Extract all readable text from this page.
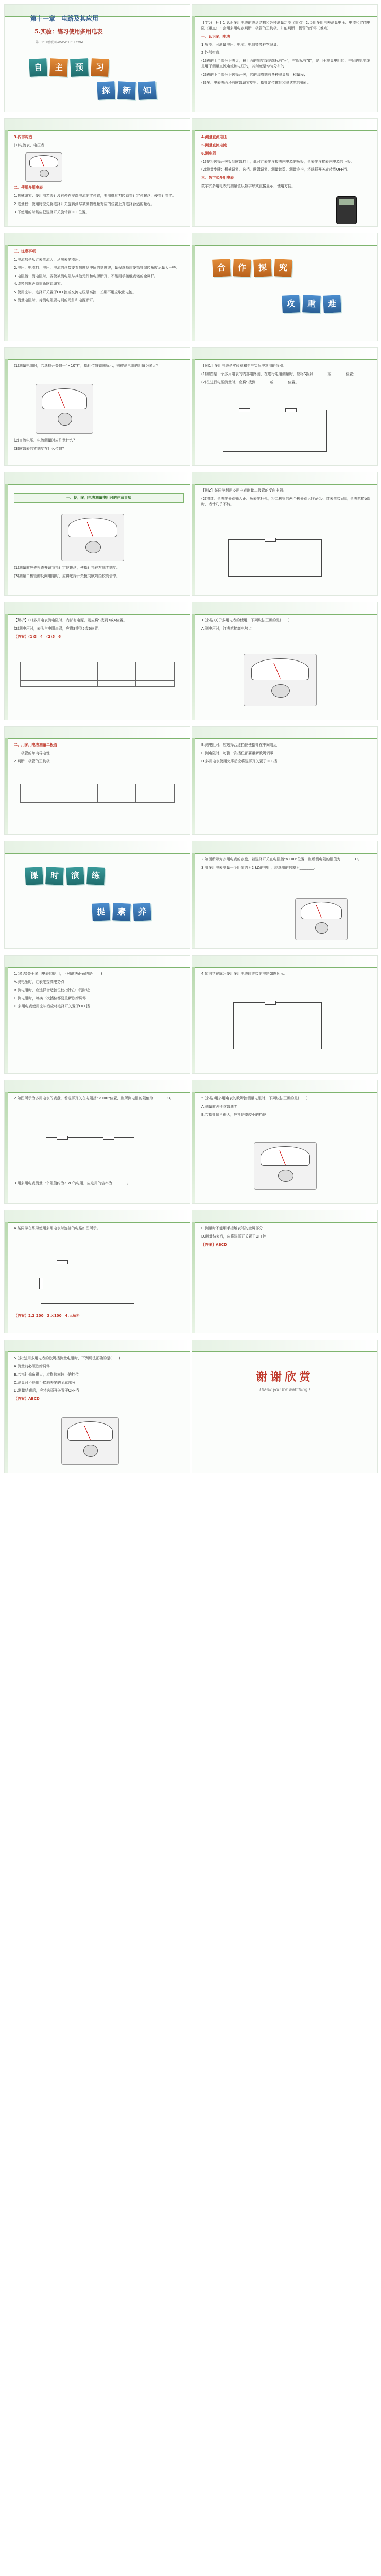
第十一章　电路及其应用
5.实验：练习使用多用电表
第一PPT模板网-WWW.1PPT.COM
自	主	预	习
探	新	知

3.内部构造

(1)电流表、电压表

二、使用多用电表

1.机械调零：使用前若表针没有停在左端电流的零位置，要用螺丝刀转动指针定位螺丝，使指针指零。

2.选量程：使用时应先将选择开关旋转到与被测物理量对应的位置上并选择合适的量程。

3.不使用的时候应把选择开关旋转到OFF位置。

三、注意事项

1.电流都是从红表笔流入，从黑表笔流出。

2.电压、电流挡：电压、电流的读数要看刻度盘中间的刻度线，量程选择应使指针偏转角度尽量大一些。

3.电阻挡：测电阻时，要使被测电阻与其他元件和电源断开，不能用手接触表笔的金属杆。

4.改换倍率必须重新欧姆调零。

5.使用完毕，选择开关置于OFF挡或交流电压最高挡，长期不用应取出电池。

6.测量电阻时，待测电阻要与别的元件和电源断开。

(1)测量电阻时，若选择开关置于"×10"挡，指针位置如图所示，则被测电阻的阻值为多大？

(2)直流电压、电流测量时应注意什么？

(3)欧姆表的零刻度在什么位置？

一、使用多用电表测量电阻时的注意事项

(1)测量前应先检查并调节指针定位螺丝，使指针指在左端零刻度。

(3)测量二极管的反向电阻时，应将选择开关拨向欧姆挡较高倍率。

【解析】(1)多用电表测电阻时，内部有电源，则应将S拨到3或4位置。

(2)测电压时，表头与电阻串联，应将S拨到5或6位置。

【答案】(1)3　4　(2)5　6

二、用多用电表测量二极管

1.二极管的单向导电性

2.判断二极管的正负极

课	时	演	练
提	素	养

1.(多选)关于多用电表的使用，下列说法正确的是(　　)

A.测电压时，红表笔接高电势点

B.测电阻时，应选择合适挡位使指针在中间附近

C.测电阻时，每换一次挡位都要重新欧姆调零

D.多用电表使用完毕后应将选择开关置于OFF挡

2.如图所示为多用电表的表盘，若选择开关在电阻挡"×100"位置，则所测电阻的阻值为________Ω。

3.用多用电表测量一个阻值约为2 kΩ的电阻，应选用的倍率为________。

4.某同学在练习使用多用电表时连接的电路如图所示。

【答案】2.2 200　3.×100　4.见解析

5.(多选)用多用电表的欧姆挡测量电阻时，下列说法正确的是(　　)

A.测量前必须欧姆调零

B.若指针偏角很大，应换倍率较小的挡位

C.测量时不能用手接触表笔的金属部分

D.测量结束后，应将选择开关置于OFF挡

【答案】ABCD

【学习目标】1.认识多用电表的表盘结构和各种测量功能（重点）2.会用多用电表测量电压、电流和定值电阻（重点）3.会用多用电表判断二极管的正负极，并能判断二极管的好坏（难点）

一、认识多用电表

1.功能：可测量电压、电流、电阻等多种物理量。

2.外部构造：

(1)表的上半部分为表盘，最上面的刻度线左端标有"∞"，右端标有"0"，是用于测量电阻的；中间的刻度线是用于测量直流电流和电压的，其刻度是均匀分布的；

(2)表的下半部分为选择开关，它的四周刻有各种测量项目和量程；

(3)多用电表表面还有欧姆调零旋钮、指针定位螺丝和测试笔的插孔。

4.测量直流电压

5.测量直流电流

6.测电阻

(1)要将选择开关扳到欧姆挡上，此时红表笔连接表内电源的负极，黑表笔连接表内电源的正极。

(2)测量步骤：机械调零、选挡、欧姆调零、测量读数、测量完毕，将选择开关旋转到OFF挡。

三、数字式多用电表

数字式多用电表的测量值以数字形式直接显示，使用方便。

合	作	探	究
攻	重	难

【例1】多用电表是实验室和生产实际中常用的仪器。

(1)如图是一个多用电表的内部电路图，在进行电阻测量时，应将S拨到________或________位置；

(2)在进行电压测量时，应将S拨到________或________位置。

【例2】某同学利用多用电表测量二极管的反向电阻。

(2)将红、黑表笔分别插入正、负表笔插孔，将二极管的两个极分别记作a和b，红表笔接a端，黑表笔接b端时，表针几乎不转。

1.(多选)关于多用电表的使用，下列说法正确的是(　　)

A.测电压时，红表笔接高电势点

B.测电阻时，应选择合适挡位使指针在中间附近

C.测电阻时，每换一次挡位都要重新欧姆调零

D.多用电表使用完毕后应将选择开关置于OFF挡

2.如图所示为多用电表的表盘，若选择开关在电阻挡"×100"位置，则所测电阻的阻值为________Ω。

3.用多用电表测量一个阻值约为2 kΩ的电阻，应选用的倍率为________。

4.某同学在练习使用多用电表时连接的电路如图所示。

5.(多选)用多用电表的欧姆挡测量电阻时，下列说法正确的是(　　)

A.测量前必须欧姆调零

B.若指针偏角很大，应换倍率较小的挡位

C.测量时不能用手接触表笔的金属部分

D.测量结束后，应将选择开关置于OFF挡

【答案】ABCD

谢谢欣赏
Thank you for watching !
